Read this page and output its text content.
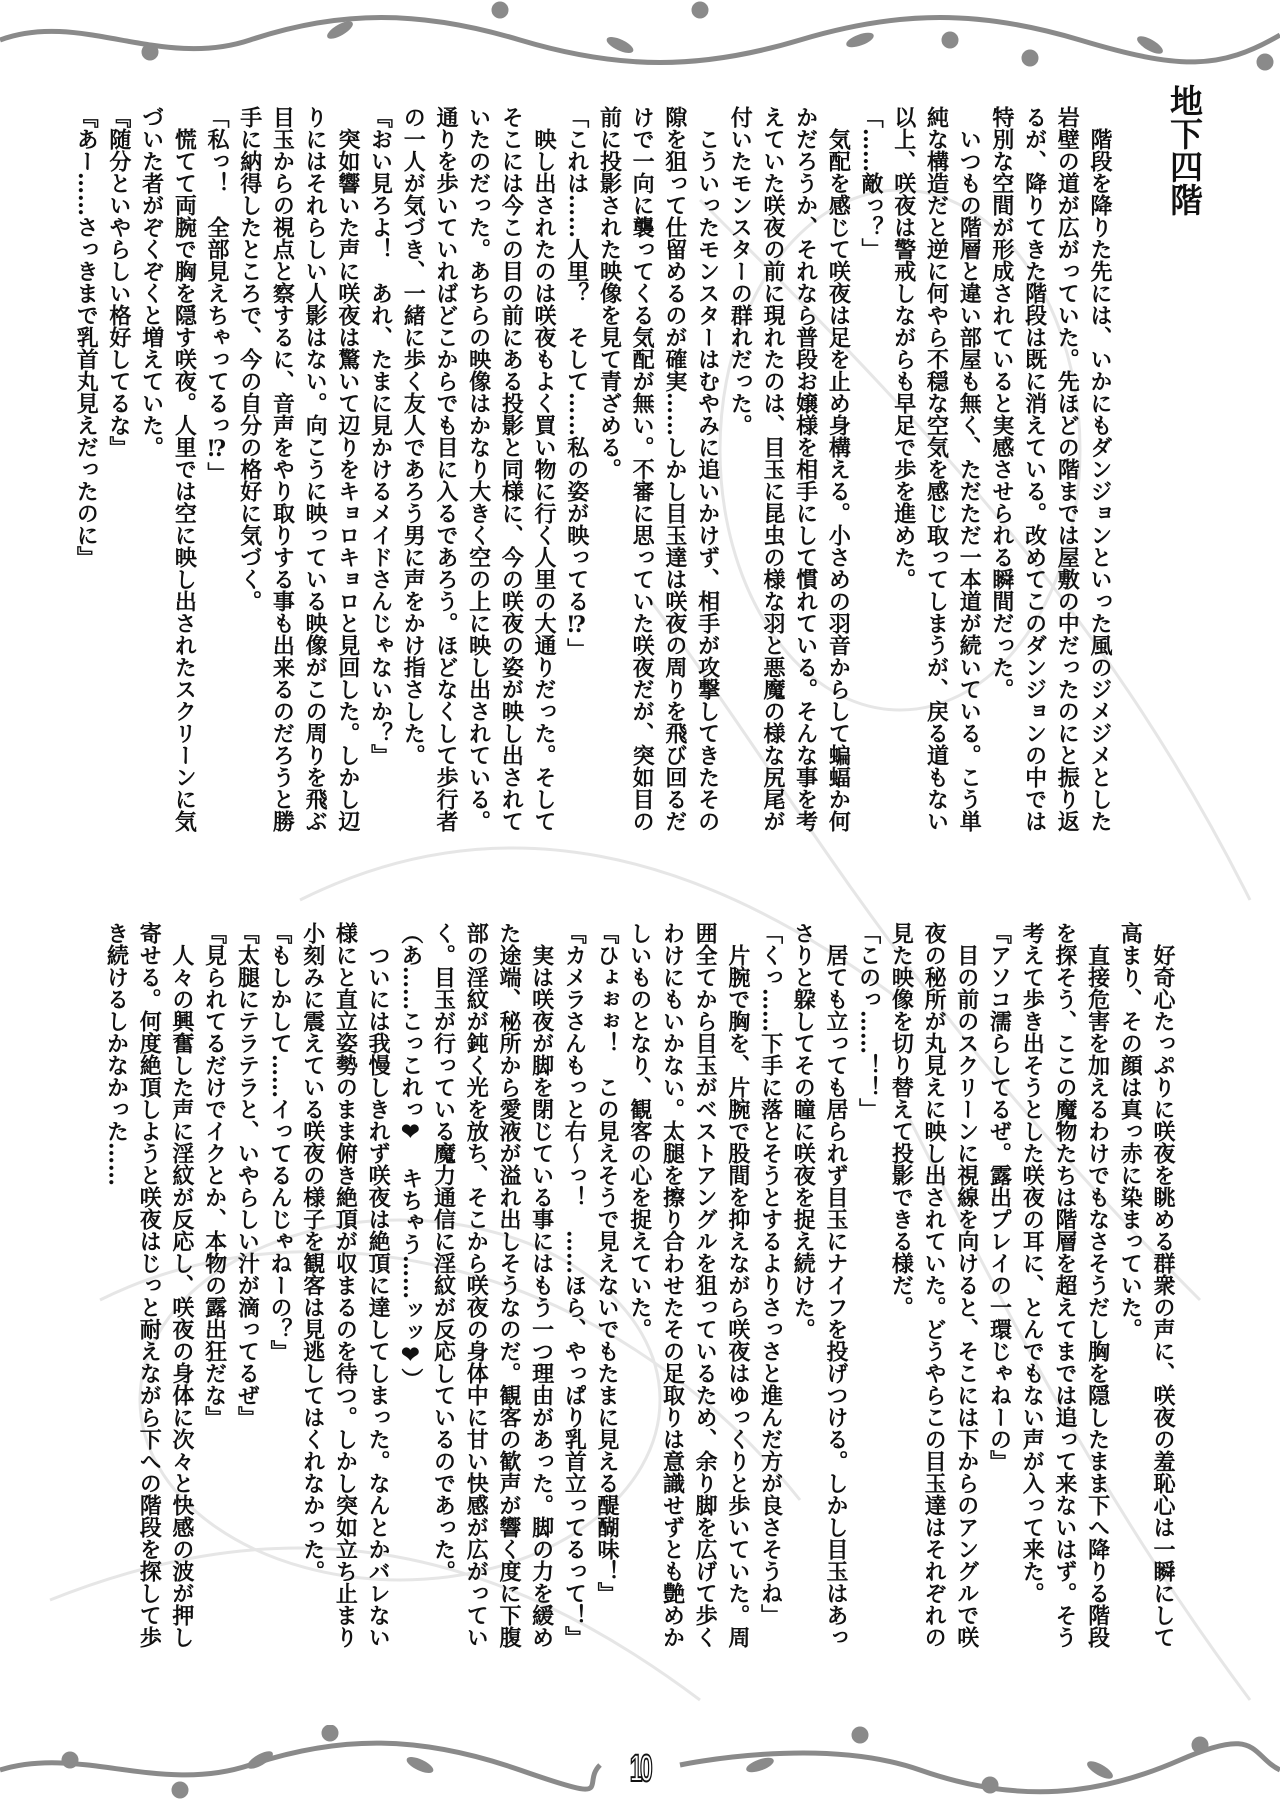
地下四階
　階段を降りた先には、いかにもダンジョンといった風のジメジメとした
岩壁の道が広がっていた。先ほどの階までは屋敷の中だったのにと振り返
るが、降りてきた階段は既に消えている。改めてこのダンジョンの中では
特別な空間が形成されていると実感させられる瞬間だった。
　いつもの階層と違い部屋も無く、ただただ一本道が続いている。こう単
純な構造だと逆に何やら不穏な空気を感じ取ってしまうが、戻る道もない
以上、咲夜は警戒しながらも早足で歩を進めた。
「……敵っ？」
　気配を感じて咲夜は足を止め身構える。小さめの羽音からして蝙蝠か何
かだろうか、それなら普段お嬢様を相手にして慣れている。そんな事を考
えていた咲夜の前に現れたのは、目玉に昆虫の様な羽と悪魔の様な尻尾が
付いたモンスターの群れだった。
　こういったモンスターはむやみに追いかけず、相手が攻撃してきたその
隙を狙って仕留めるのが確実……しかし目玉達は咲夜の周りを飛び回るだ
けで一向に襲ってくる気配が無い。不審に思っていた咲夜だが、突如目の
前に投影された映像を見て青ざめる。
「これは……人里？　そして……私の姿が映ってる⁉」
　映し出されたのは咲夜もよく買い物に行く人里の大通りだった。そして
そこには今この目の前にある投影と同様に、今の咲夜の姿が映し出されて
いたのだった。あちらの映像はかなり大きく空の上に映し出されている。
通りを歩いていればどこからでも目に入るであろう。ほどなくして歩行者
の一人が気づき、一緒に歩く友人であろう男に声をかけ指さした。
『おい見ろよ！　あれ、たまに見かけるメイドさんじゃないか？』
　突如響いた声に咲夜は驚いて辺りをキョロキョロと見回した。しかし辺
りにはそれらしい人影はない。向こうに映っている映像がこの周りを飛ぶ
目玉からの視点と察するに、音声をやり取りする事も出来るのだろうと勝
手に納得したところで、今の自分の格好に気づく。
「私っ！　全部見えちゃってるっ⁉」
　慌てて両腕で胸を隠す咲夜。人里では空に映し出されたスクリーンに気
づいた者がぞくぞくと増えていた。
『随分といやらしい格好してるな』
『あー……さっきまで乳首丸見えだったのに』
　好奇心たっぷりに咲夜を眺める群衆の声に、咲夜の羞恥心は一瞬にして
高まり、その顔は真っ赤に染まっていた。
　直接危害を加えるわけでもなさそうだし胸を隠したまま下へ降りる階段
を探そう、ここの魔物たちは階層を超えてまでは追って来ないはず。そう
考えて歩き出そうとした咲夜の耳に、とんでもない声が入って来た。
『アソコ濡らしてるぜ。露出プレイの一環じゃねーの』
　目の前のスクリーンに視線を向けると、そこには下からのアングルで咲
夜の秘所が丸見えに映し出されていた。どうやらこの目玉達はそれぞれの
見た映像を切り替えて投影できる様だ。
「このっ……！！」
　居ても立っても居られず目玉にナイフを投げつける。しかし目玉はあっ
さりと躱してその瞳に咲夜を捉え続けた。
「くっ……下手に落とそうとするよりさっさと進んだ方が良さそうね」
　片腕で胸を、片腕で股間を抑えながら咲夜はゆっくりと歩いていた。周
囲全てから目玉がベストアングルを狙っているため、余り脚を広げて歩く
わけにもいかない。太腿を擦り合わせたその足取りは意識せずとも艶めか
しいものとなり、観客の心を捉えていた。
『ひょぉぉ！　この見えそうで見えないでもたまに見える醍醐味！』
『カメラさんもっと右～っ！　……ほら、やっぱり乳首立ってるって！』
　実は咲夜が脚を閉じている事にはもう一つ理由があった。脚の力を緩め
た途端、秘所から愛液が溢れ出しそうなのだ。観客の歓声が響く度に下腹
部の淫紋が鈍く光を放ち、そこから咲夜の身体中に甘い快感が広がってい
く。目玉が行っている魔力通信に淫紋が反応しているのであった。
（あ……こっこれっ❤　キちゃう……ッッ❤）
　ついには我慢しきれず咲夜は絶頂に達してしまった。なんとかバレない
様にと直立姿勢のまま俯き絶頂が収まるのを待つ。しかし突如立ち止まり
小刻みに震えている咲夜の様子を観客は見逃してはくれなかった。
『もしかして……イってるんじゃねーの？』
『太腿にテラテラと、いやらしい汁が滴ってるぜ』
『見られてるだけでイクとか、本物の露出狂だな』
　人々の興奮した声に淫紋が反応し、咲夜の身体に次々と快感の波が押し
寄せる。何度絶頂しようと咲夜はじっと耐えながら下への階段を探して歩
き続けるしかなかった……
10
